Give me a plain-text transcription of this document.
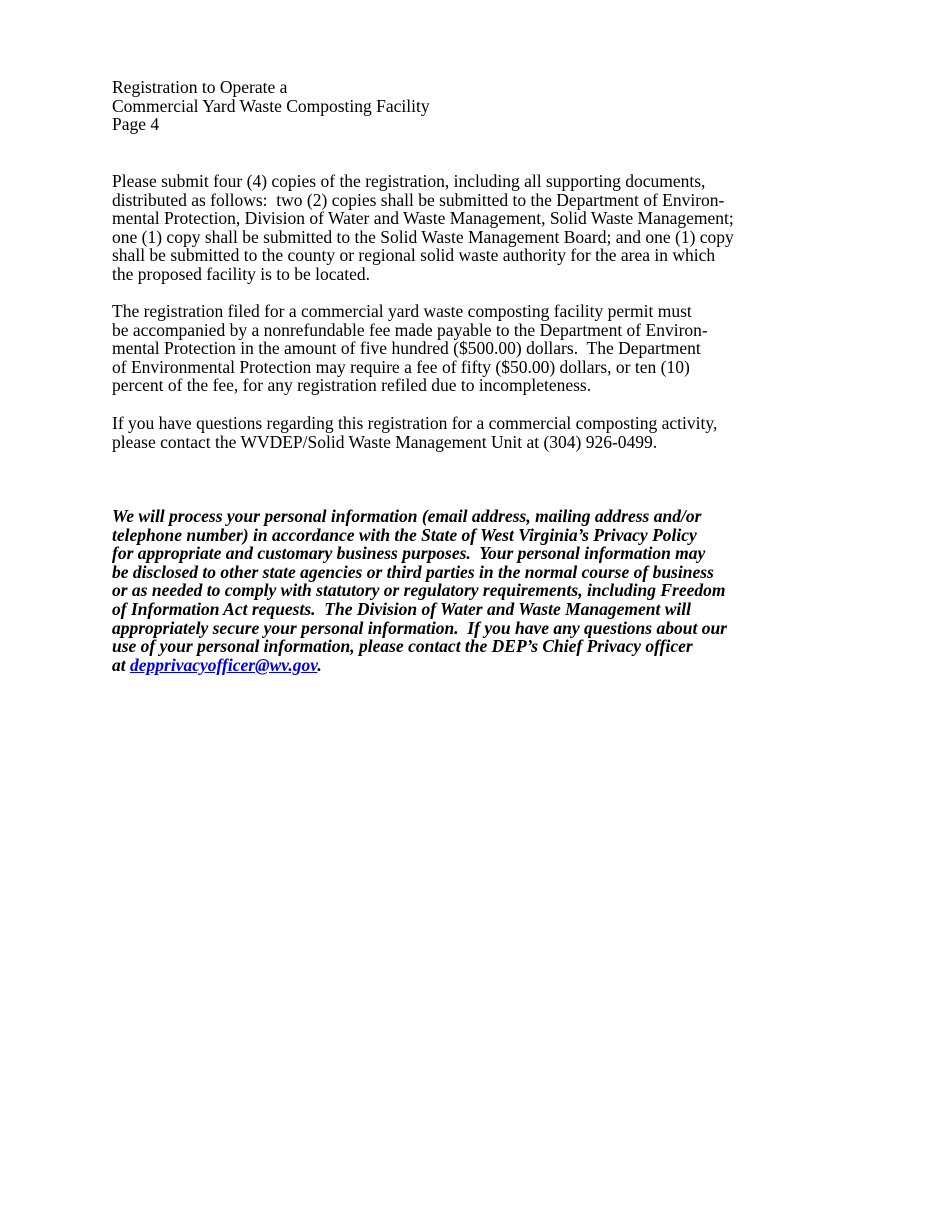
Registration to Operate a
Commercial Yard Waste Composting Facility
Page 4
Please submit four (4) copies of the registration, including all supporting documents,
distributed as follows:  two (2) copies shall be submitted to the Department of Environ-
mental Protection, Division of Water and Waste Management, Solid Waste Management;
one (1) copy shall be submitted to the Solid Waste Management Board; and one (1) copy
shall be submitted to the county or regional solid waste authority for the area in which
the proposed facility is to be located.
The registration filed for a commercial yard waste composting facility permit must
be accompanied by a nonrefundable fee made payable to the Department of Environ-
mental Protection in the amount of five hundred ($500.00) dollars.  The Department
of Environmental Protection may require a fee of fifty ($50.00) dollars, or ten (10)
percent of the fee, for any registration refiled due to incompleteness.
If you have questions regarding this registration for a commercial composting activity,
please contact the WVDEP/Solid Waste Management Unit at (304) 926-0499.
We will process your personal information (email address, mailing address and/or
telephone number) in accordance with the State of West Virginia’s Privacy Policy
for appropriate and customary business purposes.  Your personal information may
be disclosed to other state agencies or third parties in the normal course of business
or as needed to comply with statutory or regulatory requirements, including Freedom
of Information Act requests.  The Division of Water and Waste Management will
appropriately secure your personal information.  If you have any questions about our
use of your personal information, please contact the DEP’s Chief Privacy officer
at depprivacyofficer@wv.gov.
